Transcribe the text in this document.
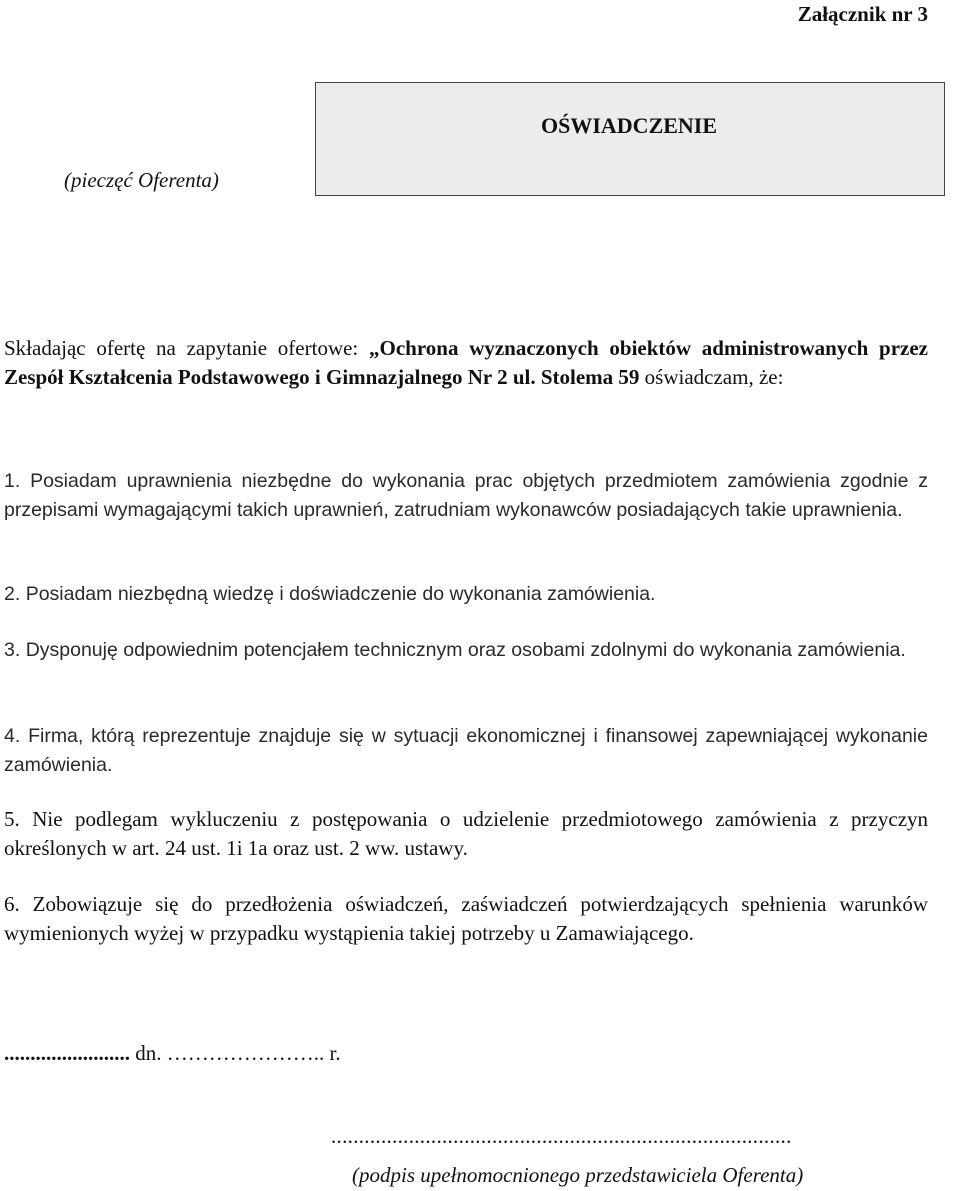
Załącznik nr 3
(pieczęć Oferenta)
OŚWIADCZENIE

Składając ofertę na zapytanie ofertowe: „Ochrona wyznaczonych obiektów administrowanych przez Zespół Kształcenia Podstawowego i Gimnazjalnego Nr 2 ul. Stolema 59 oświadczam, że:

1. Posiadam uprawnienia niezbędne do wykonania prac objętych przedmiotem zamówienia zgodnie z przepisami wymagającymi takich uprawnień, zatrudniam wykonawców posiadających takie uprawnienia.

2. Posiadam niezbędną wiedzę i doświadczenie do wykonania zamówienia.

3. Dysponuję odpowiednim potencjałem technicznym oraz osobami zdolnymi do wykonania zamówienia.

4. Firma, którą reprezentuje znajduje się w sytuacji ekonomicznej i finansowej zapewniającej wykonanie zamówienia.

5. Nie podlegam wykluczeniu z postępowania o udzielenie przedmiotowego zamówienia z przyczyn określonych w art. 24 ust. 1i 1a oraz ust. 2 ww. ustawy.

6. Zobowiązuje się do przedłożenia oświadczeń, zaświadczeń potwierdzających spełnienia warunków wymienionych wyżej w przypadku wystąpienia takiej potrzeby u Zamawiającego.

........................ dn. ………………….. r.
...................................................................................
(podpis upełnomocnionego przedstawiciela Oferenta)
